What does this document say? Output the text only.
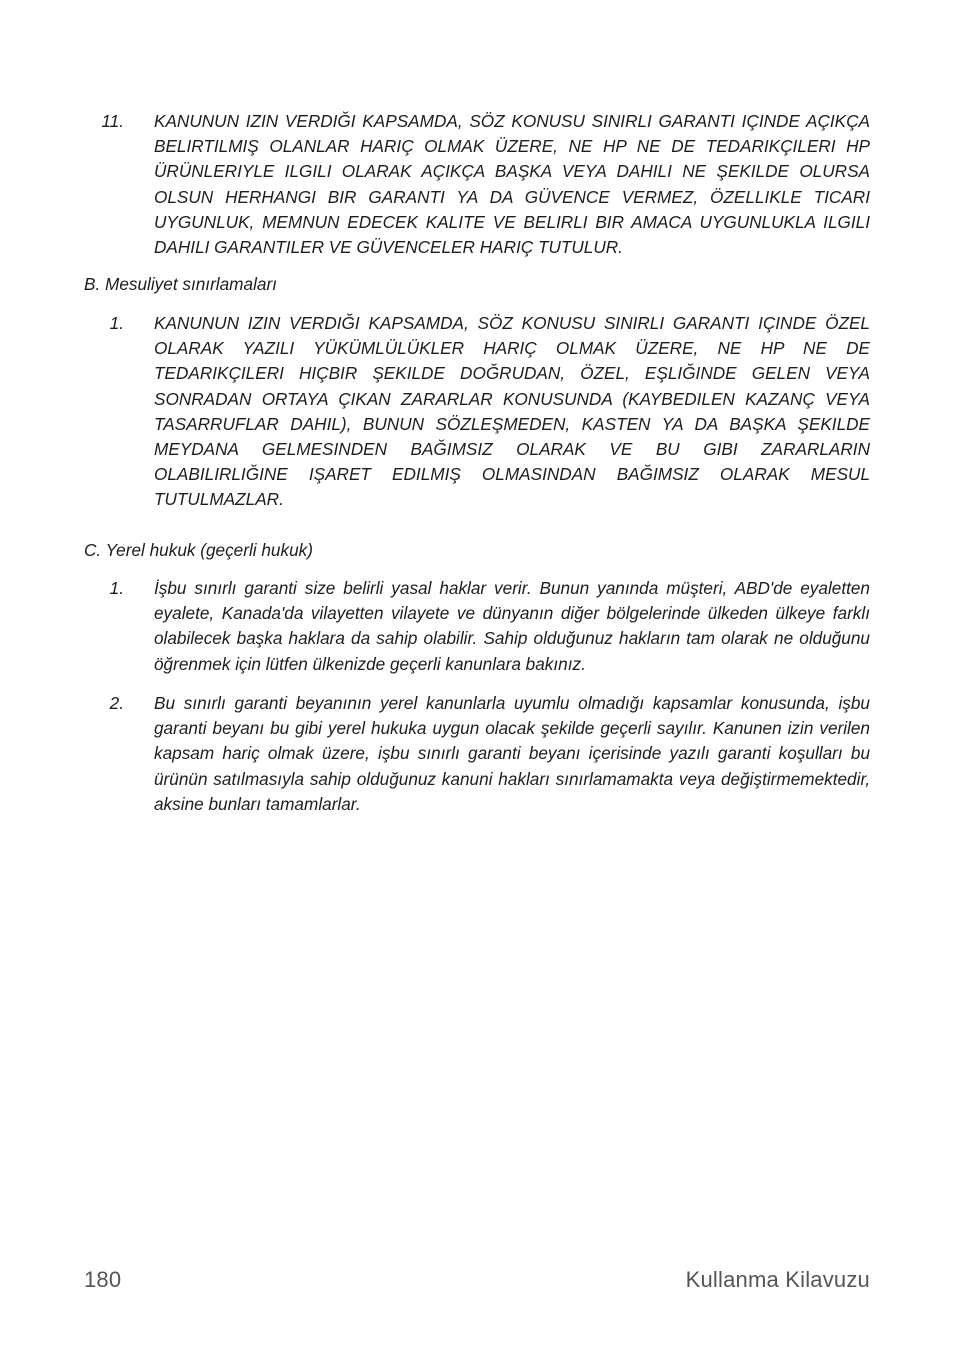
11. KANUNUN IZIN VERDIĞI KAPSAMDA, SÖZ KONUSU SINIRLI GARANTI IÇINDE AÇIKÇA BELIRTILMIŞ OLANLAR HARIÇ OLMAK ÜZERE, NE HP NE DE TEDARIKÇILERI HP ÜRÜNLERIYLE ILGILI OLARAK AÇIKÇA BAŞKA VEYA DAHILI NE ŞEKILDE OLURSA OLSUN HERHANGI BIR GARANTI YA DA GÜVENCE VERMEZ, ÖZELLIKLE TICARI UYGUNLUK, MEMNUN EDECEK KALITE VE BELIRLI BIR AMACA UYGUNLUKLA ILGILI DAHILI GARANTILER VE GÜVENCELER HARIÇ TUTULUR.
B. Mesuliyet sınırlamaları
1. KANUNUN IZIN VERDIĞI KAPSAMDA, SÖZ KONUSU SINIRLI GARANTI IÇINDE ÖZEL OLARAK YAZILI YÜKÜMLÜLÜKLER HARIÇ OLMAK ÜZERE, NE HP NE DE TEDARIKÇILERI HIÇBIR ŞEKILDE DOĞRUDAN, ÖZEL, EŞLIĞINDE GELEN VEYA SONRADAN ORTAYA ÇIKAN ZARARLAR KONUSUNDA (KAYBEDILEN KAZANÇ VEYA TASARRUFLAR DAHIL), BUNUN SÖZLEŞMEDEN, KASTEN YA DA BAŞKA ŞEKILDE MEYDANA GELMESINDEN BAĞIMSIZ OLARAK VE BU GIBI ZARARLARIN OLABILIRLIĞINE IŞARET EDILMIŞ OLMASINDAN BAĞIMSIZ OLARAK MESUL TUTULMAZLAR.
C. Yerel hukuk (geçerli hukuk)
1. İşbu sınırlı garanti size belirli yasal haklar verir. Bunun yanında müşteri, ABD'de eyaletten eyalete, Kanada'da vilayetten vilayete ve dünyanın diğer bölgelerinde ülkeden ülkeye farklı olabilecek başka haklara da sahip olabilir. Sahip olduğunuz hakların tam olarak ne olduğunu öğrenmek için lütfen ülkenizde geçerli kanunlara bakınız.
2. Bu sınırlı garanti beyanının yerel kanunlarla uyumlu olmadığı kapsamlar konusunda, işbu garanti beyanı bu gibi yerel hukuka uygun olacak şekilde geçerli sayılır. Kanunen izin verilen kapsam hariç olmak üzere, işbu sınırlı garanti beyanı içerisinde yazılı garanti koşulları bu ürünün satılmasıyla sahip olduğunuz kanuni hakları sınırlamamakta veya değiştirmemektedir, aksine bunları tamamlarlar.
180	Kullanma Kilavuzu
